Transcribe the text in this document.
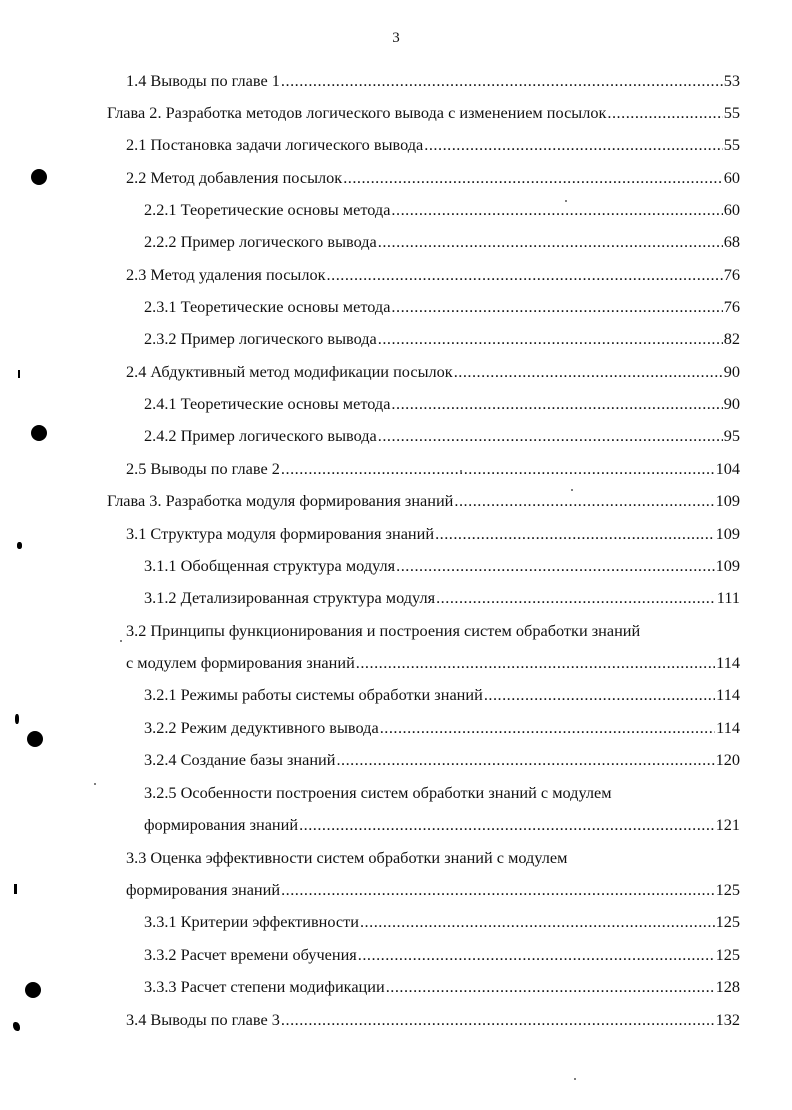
3
1.4 Выводы по главе 1 .....	53
Глава 2. Разработка методов логического вывода с изменением посылок .....	55
2.1 Постановка задачи логического вывода .....	55
2.2 Метод добавления посылок .....	60
2.2.1 Теоретические основы метода .....	60
2.2.2 Пример логического вывода .....	68
2.3 Метод удаления посылок .....	76
2.3.1 Теоретические основы метода .....	76
2.3.2 Пример логического вывода .....	82
2.4 Абдуктивный метод модификации посылок .....	90
2.4.1 Теоретические основы метода .....	90
2.4.2 Пример логического вывода .....	95
2.5 Выводы по главе 2 .....	104
Глава 3. Разработка модуля формирования знаний .....	109
3.1 Структура модуля формирования знаний .....	109
3.1.1 Обобщенная структура модуля .....	109
3.1.2 Детализированная структура модуля .....	111
3.2 Принципы функционирования и построения систем обработки знаний
с модулем формирования знаний .....	114
3.2.1 Режимы работы системы обработки знаний .....	114
3.2.2 Режим дедуктивного вывода .....	114
3.2.4 Создание базы знаний .....	120
3.2.5 Особенности построения систем обработки знаний с модулем
формирования знаний .....	121
3.3 Оценка эффективности систем обработки знаний с модулем
формирования знаний .....	125
3.3.1 Критерии эффективности .....	125
3.3.2 Расчет времени обучения .....	125
3.3.3 Расчет степени модификации .....	128
3.4 Выводы по главе 3 .....	132
